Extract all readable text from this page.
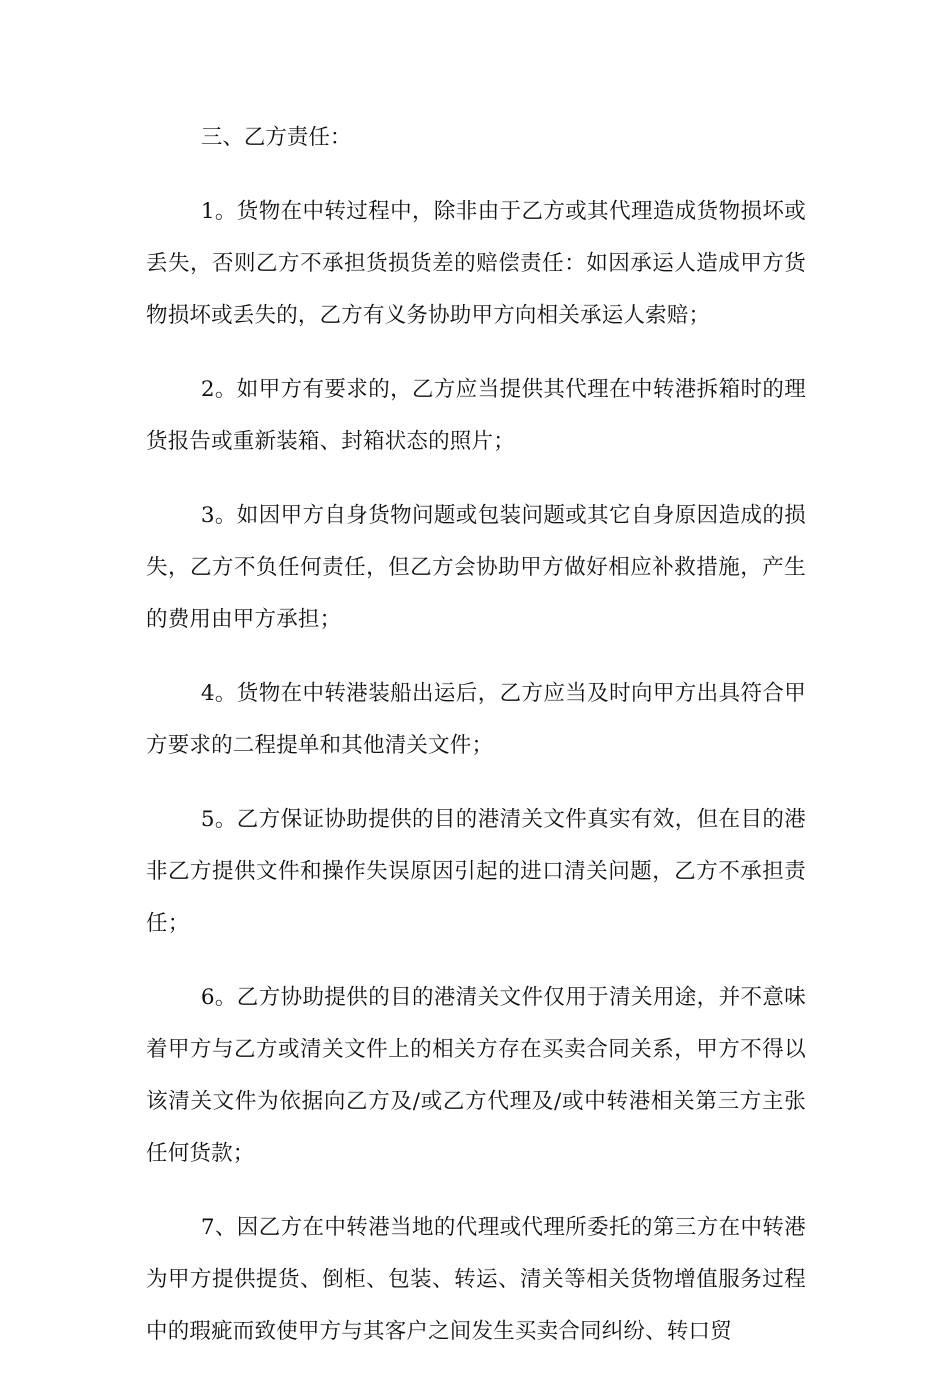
三、乙方责任：

1。货物在中转过程中，除非由于乙方或其代理造成货物损坏或丢失，否则乙方不承担货损货差的赔偿责任：如因承运人造成甲方货物损坏或丢失的，乙方有义务协助甲方向相关承运人索赔；

2。如甲方有要求的，乙方应当提供其代理在中转港拆箱时的理货报告或重新装箱、封箱状态的照片；

3。如因甲方自身货物问题或包装问题或其它自身原因造成的损失，乙方不负任何责任，但乙方会协助甲方做好相应补救措施，产生的费用由甲方承担；

4。货物在中转港装船出运后，乙方应当及时向甲方出具符合甲方要求的二程提单和其他清关文件；

5。乙方保证协助提供的目的港清关文件真实有效，但在目的港非乙方提供文件和操作失误原因引起的进口清关问题，乙方不承担责任；

6。乙方协助提供的目的港清关文件仅用于清关用途，并不意味着甲方与乙方或清关文件上的相关方存在买卖合同关系，甲方不得以该清关文件为依据向乙方及/或乙方代理及/或中转港相关第三方主张任何货款；

7、因乙方在中转港当地的代理或代理所委托的第三方在中转港为甲方提供提货、倒柜、包装、转运、清关等相关货物增值服务过程中的瑕疵而致使甲方与其客户之间发生买卖合同纠纷、转口贸
